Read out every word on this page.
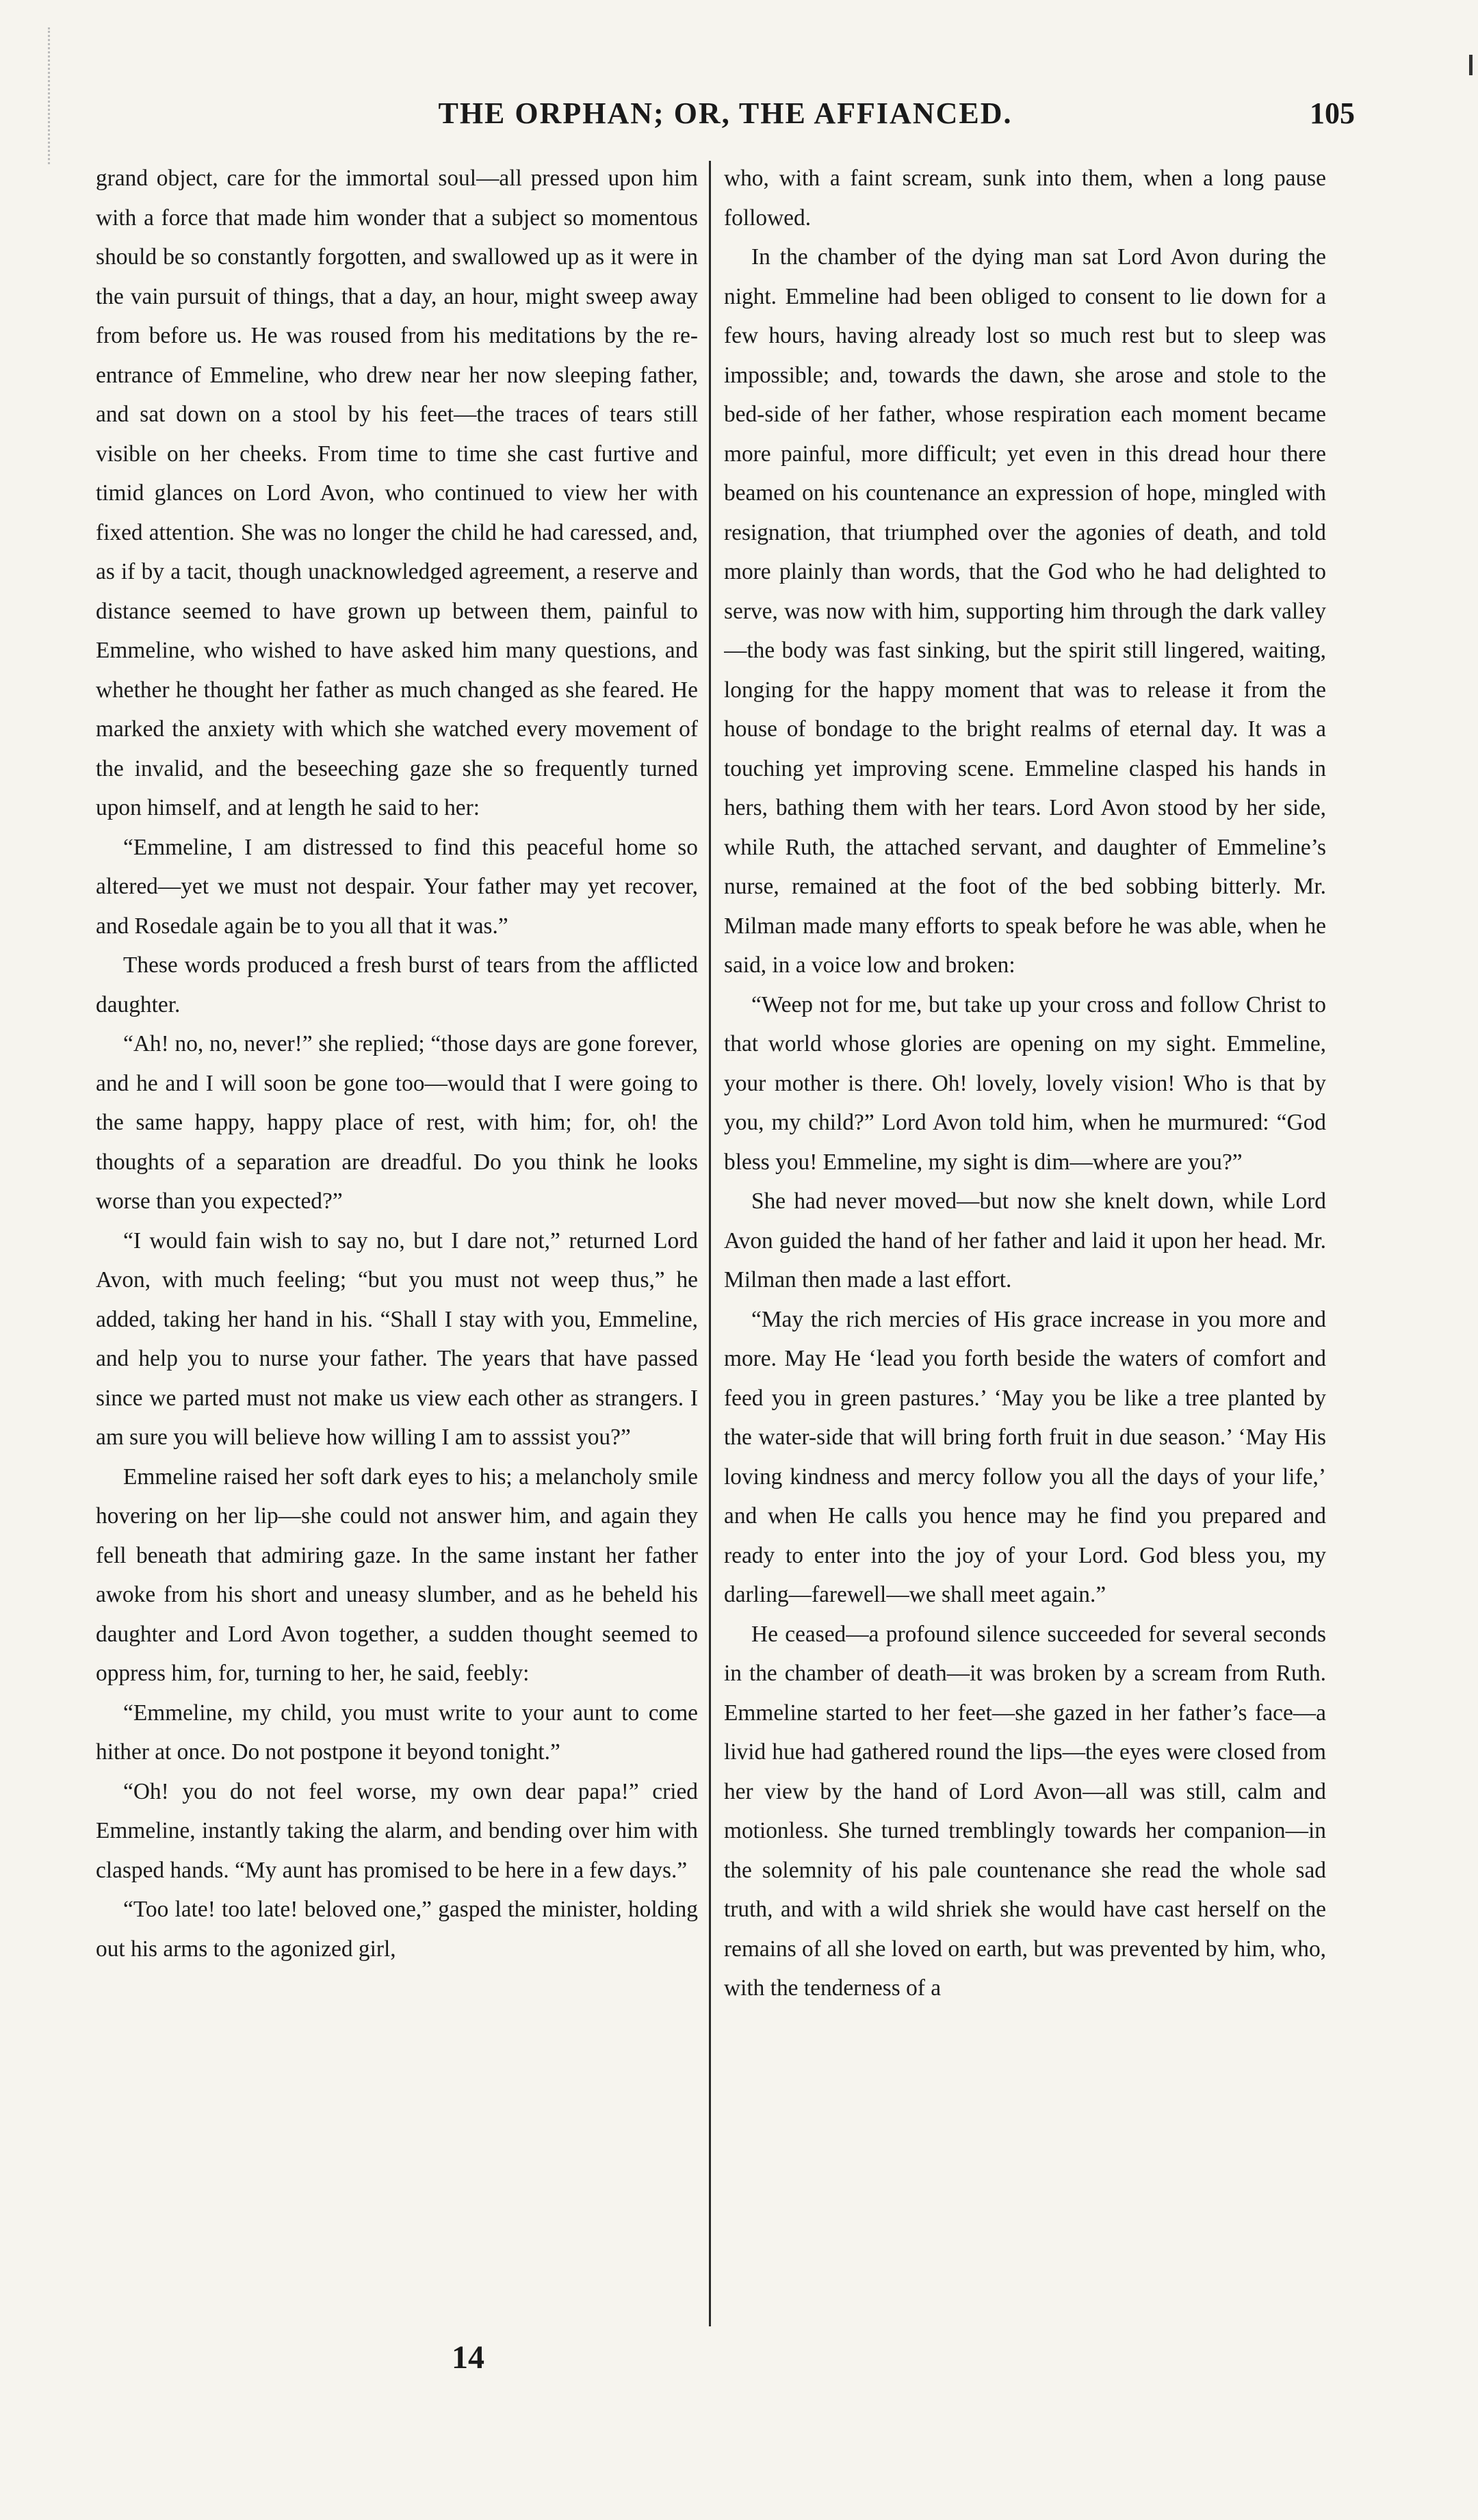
THE ORPHAN; OR, THE AFFIANCED.	105

grand object, care for the immortal soul—all pressed upon him with a force that made him wonder that a subject so momentous should be so constantly forgotten, and swallowed up as it were in the vain pursuit of things, that a day, an hour, might sweep away from before us. He was roused from his meditations by the re-entrance of Emmeline, who drew near her now sleeping father, and sat down on a stool by his feet—the traces of tears still visible on her cheeks. From time to time she cast furtive and timid glances on Lord Avon, who continued to view her with fixed attention. She was no longer the child he had caressed, and, as if by a tacit, though unacknowledged agreement, a reserve and distance seemed to have grown up between them, painful to Emmeline, who wished to have asked him many questions, and whether he thought her father as much changed as she feared. He marked the anxiety with which she watched every movement of the invalid, and the beseeching gaze she so frequently turned upon himself, and at length he said to her:

“Emmeline, I am distressed to find this peaceful home so altered—yet we must not despair. Your father may yet recover, and Rosedale again be to you all that it was.”

These words produced a fresh burst of tears from the afflicted daughter.

“Ah! no, no, never!” she replied; “those days are gone forever, and he and I will soon be gone too—would that I were going to the same happy, happy place of rest, with him; for, oh! the thoughts of a separation are dreadful. Do you think he looks worse than you expected?”

“I would fain wish to say no, but I dare not,” returned Lord Avon, with much feeling; “but you must not weep thus,” he added, taking her hand in his. “Shall I stay with you, Emmeline, and help you to nurse your father. The years that have passed since we parted must not make us view each other as strangers. I am sure you will believe how willing I am to asssist you?”

Emmeline raised her soft dark eyes to his; a melancholy smile hovering on her lip—she could not answer him, and again they fell beneath that admiring gaze. In the same instant her father awoke from his short and uneasy slumber, and as he beheld his daughter and Lord Avon together, a sudden thought seemed to oppress him, for, turning to her, he said, feebly:

“Emmeline, my child, you must write to your aunt to come hither at once. Do not postpone it beyond tonight.”

“Oh! you do not feel worse, my own dear papa!” cried Emmeline, instantly taking the alarm, and bending over him with clasped hands. “My aunt has promised to be here in a few days.”

“Too late! too late! beloved one,” gasped the minister, holding out his arms to the agonized girl,

who, with a faint scream, sunk into them, when a long pause followed.

In the chamber of the dying man sat Lord Avon during the night. Emmeline had been obliged to consent to lie down for a few hours, having already lost so much rest but to sleep was impossible; and, towards the dawn, she arose and stole to the bed-side of her father, whose respiration each moment became more painful, more difficult; yet even in this dread hour there beamed on his countenance an expression of hope, mingled with resignation, that triumphed over the agonies of death, and told more plainly than words, that the God who he had delighted to serve, was now with him, supporting him through the dark valley—the body was fast sinking, but the spirit still lingered, waiting, longing for the happy moment that was to release it from the house of bondage to the bright realms of eternal day. It was a touching yet improving scene. Emmeline clasped his hands in hers, bathing them with her tears. Lord Avon stood by her side, while Ruth, the attached servant, and daughter of Emmeline’s nurse, remained at the foot of the bed sobbing bitterly. Mr. Milman made many efforts to speak before he was able, when he said, in a voice low and broken:

“Weep not for me, but take up your cross and follow Christ to that world whose glories are opening on my sight. Emmeline, your mother is there. Oh! lovely, lovely vision! Who is that by you, my child?” Lord Avon told him, when he murmured: “God bless you! Emmeline, my sight is dim—where are you?”

She had never moved—but now she knelt down, while Lord Avon guided the hand of her father and laid it upon her head. Mr. Milman then made a last effort.

“May the rich mercies of His grace increase in you more and more. May He ‘lead you forth beside the waters of comfort and feed you in green pastures.’ ‘May you be like a tree planted by the water-side that will bring forth fruit in due season.’ ‘May His loving kindness and mercy follow you all the days of your life,’ and when He calls you hence may he find you prepared and ready to enter into the joy of your Lord. God bless you, my darling—farewell—we shall meet again.”

He ceased—a profound silence succeeded for several seconds in the chamber of death—it was broken by a scream from Ruth. Emmeline started to her feet—she gazed in her father’s face—a livid hue had gathered round the lips—the eyes were closed from her view by the hand of Lord Avon—all was still, calm and motionless. She turned tremblingly towards her companion—in the solemnity of his pale countenance she read the whole sad truth, and with a wild shriek she would have cast herself on the remains of all she loved on earth, but was prevented by him, who, with the tenderness of a

14
